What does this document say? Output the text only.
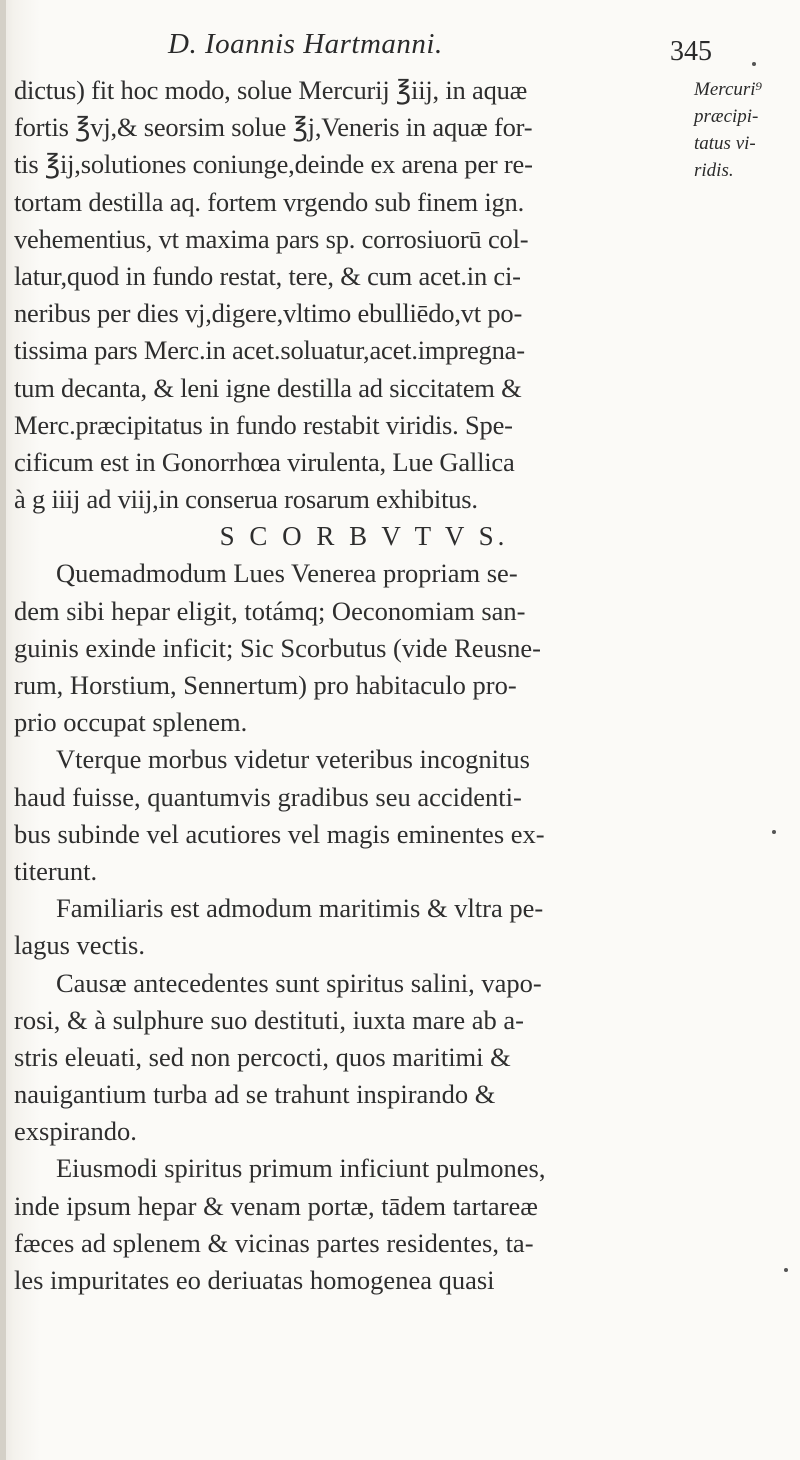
D. Ioannis Hartmanni.	345
Mercuri⁹
præcipi-
tatus vi-
ridis.
dictus) fit hoc modo, solue Mercurij ℥iij, in aquæ
fortis ℥vj,& seorsim solue ℥j,Veneris in aquæ for-
tis ℥ij,solutiones coniunge,deinde ex arena per re-
tortam destilla aq. fortem vrgendo sub finem ign.
vehementius, vt maxima pars sp. corrosiuorū col-
latur,quod in fundo restat, tere, & cum acet.in ci-
neribus per dies vj,digere,vltimo ebulliēdo,vt po-
tissima pars Merc.in acet.soluatur,acet.impregna-
tum decanta, & leni igne destilla ad siccitatem &
Merc.præcipitatus in fundo restabit viridis. Spe-
cificum est in Gonorrhœa virulenta, Lue Gallica
à g iiij ad viij,in conserua rosarum exhibitus.
S C O R B V T V S.
Quemadmodum Lues Venerea propriam se-
dem sibi hepar eligit, totámq; Oeconomiam san-
guinis exinde inficit; Sic Scorbutus (vide Reusne-
rum, Horstium, Sennertum) pro habitaculo pro-
prio occupat splenem.
Vterque morbus videtur veteribus incognitus
haud fuisse, quantumvis gradibus seu accidenti-
bus subinde vel acutiores vel magis eminentes ex-
titerunt.
Familiaris est admodum maritimis & vltra pe-
lagus vectis.
Causæ antecedentes sunt spiritus salini, vapo-
rosi, & à sulphure suo destituti, iuxta mare ab a-
stris eleuati, sed non percocti, quos maritimi &
nauigantium turba ad se trahunt inspirando &
exspirando.
Eiusmodi spiritus primum inficiunt pulmones,
inde ipsum hepar & venam portæ, tādem tartareæ
fæces ad splenem & vicinas partes residentes, ta-
les impuritates eo deriuatas homogenea quasi
